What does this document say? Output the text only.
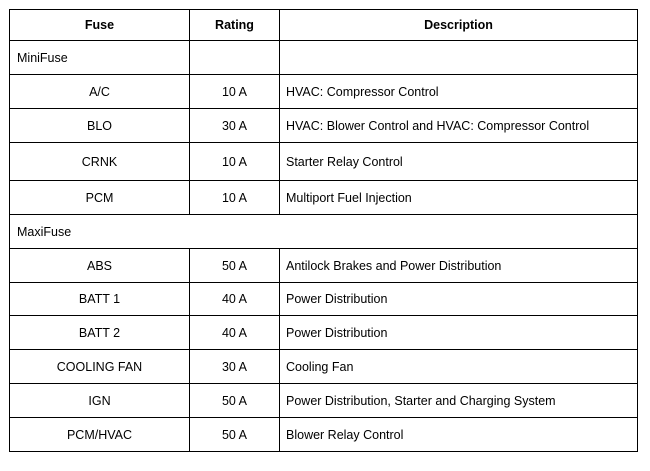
Fuse	Rating	Description
MiniFuse		
A/C	10 A	HVAC: Compressor Control
BLO	30 A	HVAC: Blower Control and HVAC: Compressor Control
CRNK	10 A	Starter Relay Control
PCM	10 A	Multiport Fuel Injection
MaxiFuse		
ABS	50 A	Antilock Brakes and Power Distribution
BATT 1	40 A	Power Distribution
BATT 2	40 A	Power Distribution
COOLING FAN	30 A	Cooling Fan
IGN	50 A	Power Distribution, Starter and Charging System
PCM/HVAC	50 A	Blower Relay Control
